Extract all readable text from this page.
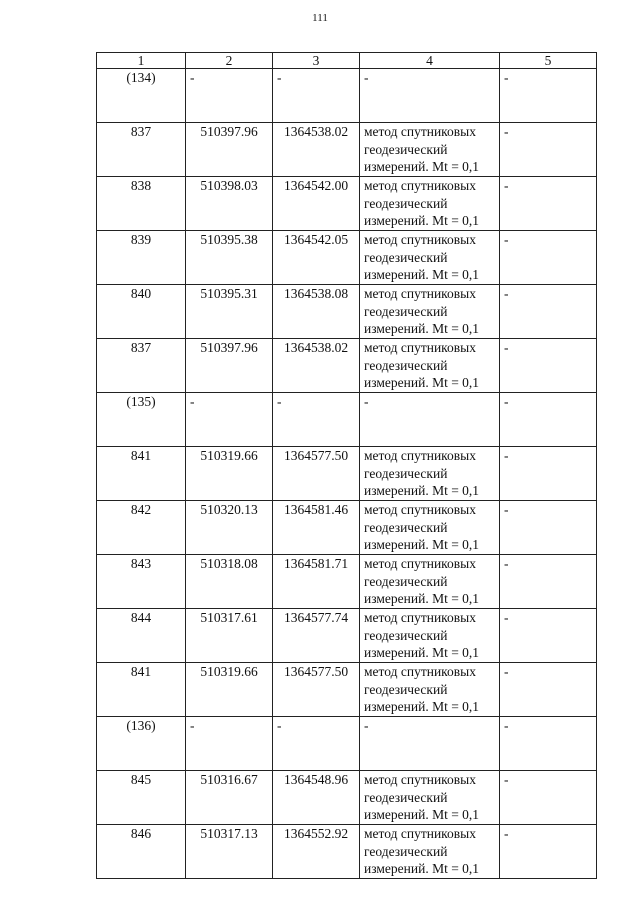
111
1	2	3	4	5
(134)	-	-	-	-
837	510397.96	1364538.02	метод спутниковых геодезический измерений. Mt = 0,1	-
838	510398.03	1364542.00	метод спутниковых геодезический измерений. Mt = 0,1	-
839	510395.38	1364542.05	метод спутниковых геодезический измерений. Mt = 0,1	-
840	510395.31	1364538.08	метод спутниковых геодезический измерений. Mt = 0,1	-
837	510397.96	1364538.02	метод спутниковых геодезический измерений. Mt = 0,1	-
(135)	-	-	-	-
841	510319.66	1364577.50	метод спутниковых геодезический измерений. Mt = 0,1	-
842	510320.13	1364581.46	метод спутниковых геодезический измерений. Mt = 0,1	-
843	510318.08	1364581.71	метод спутниковых геодезический измерений. Mt = 0,1	-
844	510317.61	1364577.74	метод спутниковых геодезический измерений. Mt = 0,1	-
841	510319.66	1364577.50	метод спутниковых геодезический измерений. Mt = 0,1	-
(136)	-	-	-	-
845	510316.67	1364548.96	метод спутниковых геодезический измерений. Mt = 0,1	-
846	510317.13	1364552.92	метод спутниковых геодезический измерений. Mt = 0,1	-
